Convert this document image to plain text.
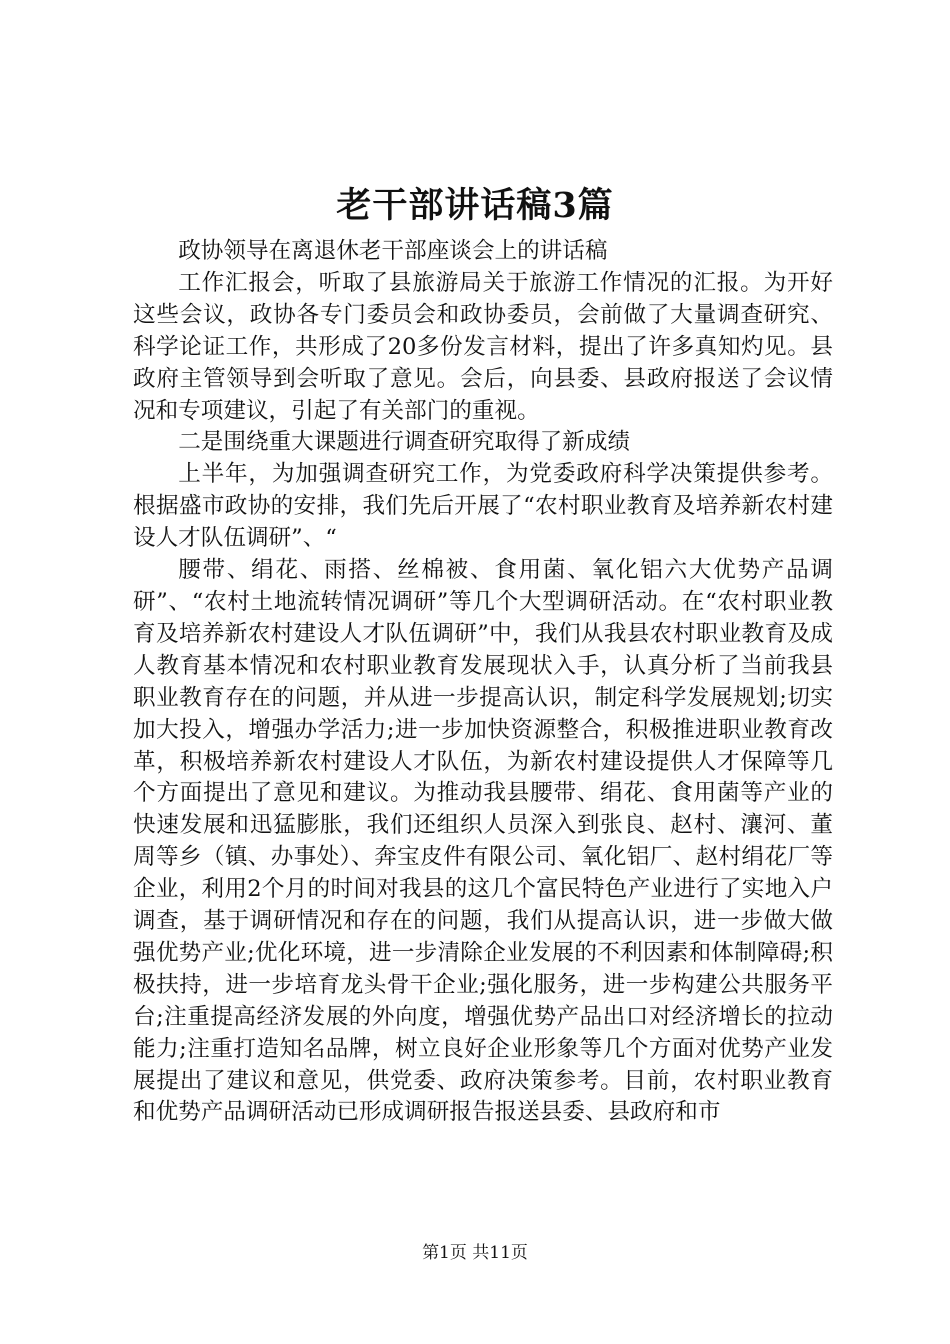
老干部讲话稿3篇

政协领导在离退休老干部座谈会上的讲话稿

工作汇报会，听取了县旅游局关于旅游工作情况的汇报。为开好这些会议，政协各专门委员会和政协委员，会前做了大量调查研究、科学论证工作，共形成了20多份发言材料，提出了许多真知灼见。县政府主管领导到会听取了意见。会后，向县委、县政府报送了会议情况和专项建议，引起了有关部门的重视。

二是围绕重大课题进行调查研究取得了新成绩

上半年，为加强调查研究工作，为党委政府科学决策提供参考。根据盛市政协的安排，我们先后开展了“农村职业教育及培养新农村建设人才队伍调研”、“

腰带、绢花、雨搭、丝棉被、食用菌、氧化铝六大优势产品调研”、“农村土地流转情况调研”等几个大型调研活动。在“农村职业教育及培养新农村建设人才队伍调研”中，我们从我县农村职业教育及成人教育基本情况和农村职业教育发展现状入手，认真分析了当前我县职业教育存在的问题，并从进一步提高认识，制定科学发展规划;切实加大投入，增强办学活力;进一步加快资源整合，积极推进职业教育改革，积极培养新农村建设人才队伍，为新农村建设提供人才保障等几个方面提出了意见和建议。为推动我县腰带、绢花、食用菌等产业的快速发展和迅猛膨胀，我们还组织人员深入到张良、赵村、瀼河、董周等乡（镇、办事处）、奔宝皮件有限公司、氧化铝厂、赵村绢花厂等企业，利用2个月的时间对我县的这几个富民特色产业进行了实地入户调查，基于调研情况和存在的问题，我们从提高认识，进一步做大做强优势产业;优化环境，进一步清除企业发展的不利因素和体制障碍;积极扶持，进一步培育龙头骨干企业;强化服务，进一步构建公共服务平台;注重提高经济发展的外向度，增强优势产品出口对经济增长的拉动能力;注重打造知名品牌，树立良好企业形象等几个方面对优势产业发展提出了建议和意见，供党委、政府决策参考。目前，农村职业教育和优势产品调研活动已形成调研报告报送县委、县政府和市

第1页 共11页
